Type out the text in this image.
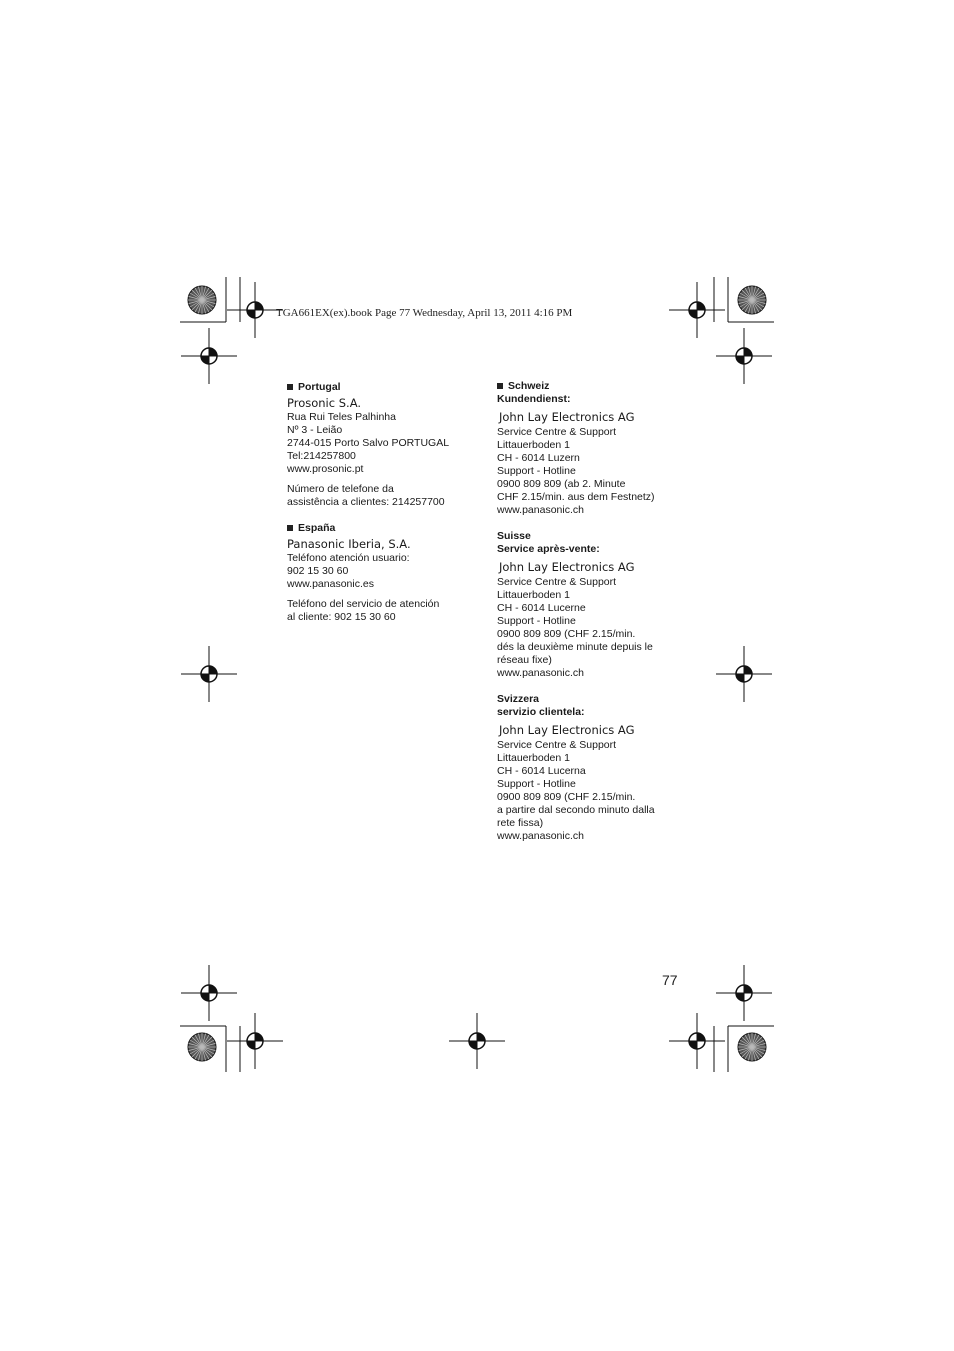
TGA661EX(ex).book Page 77 Wednesday, April 13, 2011 4:16 PM
Portugal
Prosonic S.A.
Rua Rui Teles Palhinha
Nº 3 - Leião
2744-015 Porto Salvo PORTUGAL
Tel:214257800
www.prosonic.pt
Número de telefone da
assistência a clientes: 214257700
España
Panasonic Iberia, S.A.
Teléfono atención usuario:
902 15 30 60
www.panasonic.es
Teléfono del servicio de atención
al cliente: 902 15 30 60
Schweiz
Kundendienst:
John Lay Electronics AG
Service Centre & Support
Littauerboden 1
CH - 6014 Luzern
Support - Hotline
0900 809 809 (ab 2. Minute
CHF 2.15/min. aus dem Festnetz)
www.panasonic.ch
Suisse
Service après-vente:
John Lay Electronics AG
Service Centre & Support
Littauerboden 1
CH - 6014 Lucerne
Support - Hotline
0900 809 809 (CHF 2.15/min.
dés la deuxième minute depuis le
réseau fixe)
www.panasonic.ch
Svizzera
servizio clientela:
John Lay Electronics AG
Service Centre & Support
Littauerboden 1
CH - 6014 Lucerna
Support - Hotline
0900 809 809 (CHF 2.15/min.
a partire dal secondo minuto dalla
rete fissa)
www.panasonic.ch
77
